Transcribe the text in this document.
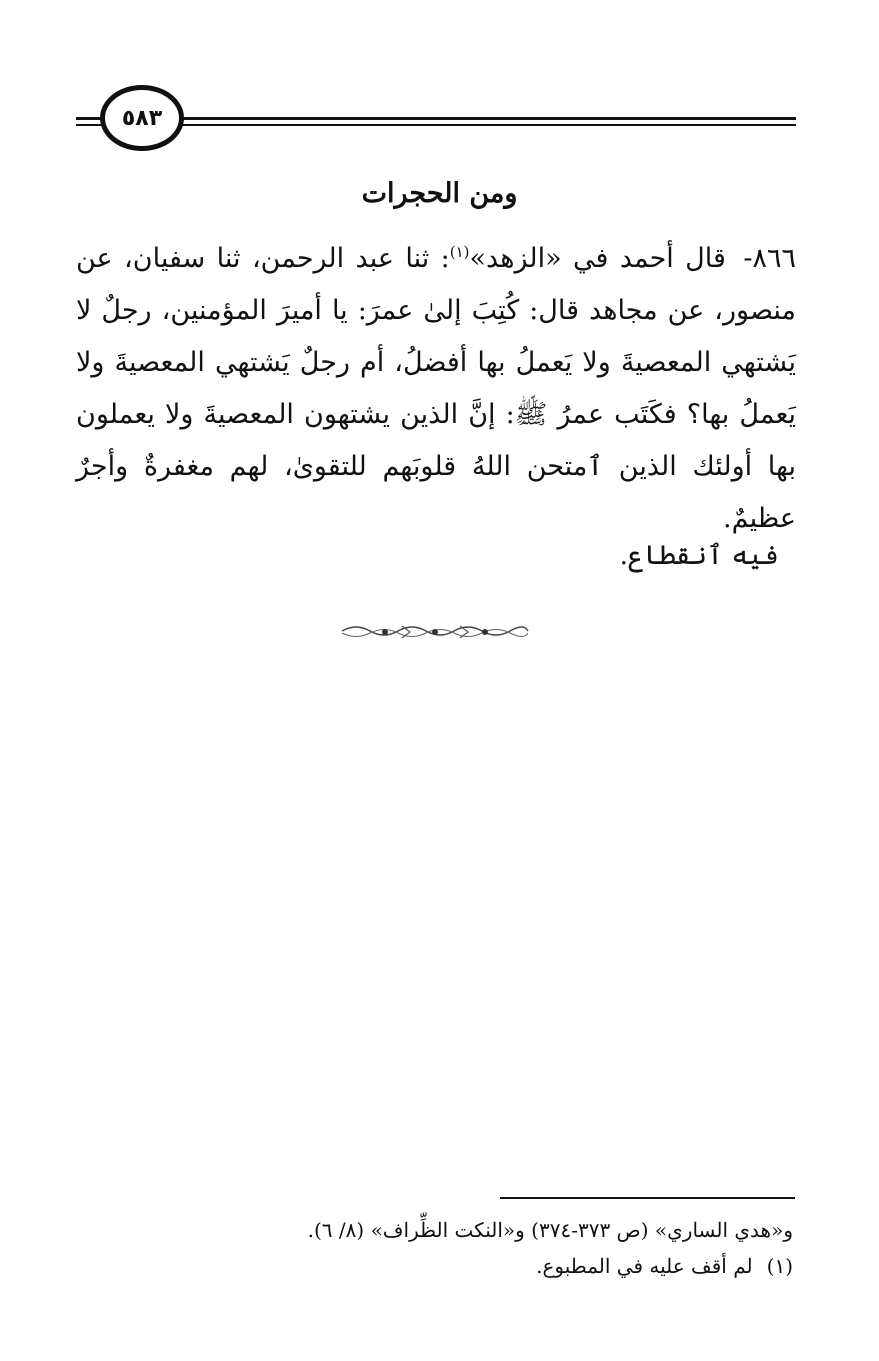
٥٨٣
ومن الحجرات

٨٦٦- قال أحمد في «الزهد»$^{(١)}$: ثنا عبد الرحمن، ثنا سفيان، عن منصور، عن مجاهد قال: كُتِبَ إلىٰ عمرَ: يا أميرَ المؤمنين، رجلٌ لا يَشتهي المعصيةَ ولا يَعملُ بها أفضلُ، أم رجلٌ يَشتهي المعصيةَ ولا يَعملُ بها؟ فكَتَب عمرُ ﷺ: إنَّ الذين يشتهون المعصيةَ ولا يعملون بها أولئك الذين ٱمتحن اللهُ قلوبَهم للتقوىٰ، لهم مغفرةٌ وأجرٌ عظيمٌ.

فيه ٱنقطاع.

و«هدي الساري» (ص ٣٧٣-٣٧٤) و«النكت الظِّراف» (٨/ ٦).

(١)لم أقف عليه في المطبوع.
